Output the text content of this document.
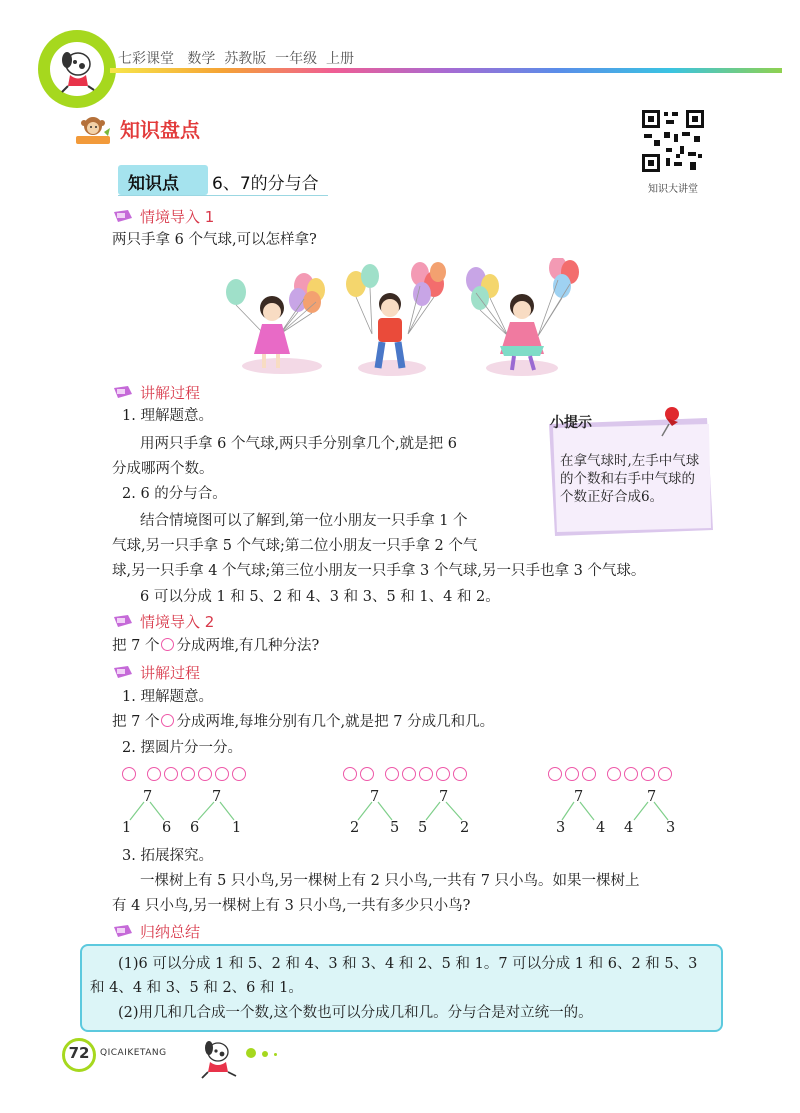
七彩课堂 数学  苏教版  一年级  上册
知识盘点
知识大讲堂
知识点 6、7的分与合
情境导入 1
两只手拿 6 个气球,可以怎样拿?
讲解过程
1. 理解题意。
用两只手拿 6 个气球,两只手分别拿几个,就是把 6
分成哪两个数。
2. 6 的分与合。
结合情境图可以了解到,第一位小朋友一只手拿 1 个
气球,另一只手拿 5 个气球;第二位小朋友一只手拿 2 个气
球,另一只手拿 4 个气球;第三位小朋友一只手拿 3 个气球,另一只手也拿 3 个气球。
6 可以分成 1 和 5、2 和 4、3 和 3、5 和 1、4 和 2。
小提示
在拿气球时,左手中气球的个数和右手中气球的个数正好合成6。
情境导入 2
把 7 个 分成两堆,有几种分法?
讲解过程
1. 理解题意。
把 7 个 分成两堆,每堆分别有几个,就是把 7 分成几和几。
2. 摆圆片分一分。
7	7	7	7	7	7
1 6 6 1	2 5 5 2	3 4 4 3
3. 拓展探究。
一棵树上有 5 只小鸟,另一棵树上有 2 只小鸟,一共有 7 只小鸟。如果一棵树上
有 4 只小鸟,另一棵树上有 3 只小鸟,一共有多少只小鸟?
归纳总结
(1)6 可以分成 1 和 5、2 和 4、3 和 3、4 和 2、5 和 1。7 可以分成 1 和 6、2 和 5、3
和 4、4 和 3、5 和 2、6 和 1。
(2)用几和几合成一个数,这个数也可以分成几和几。分与合是对立统一的。
72	QICAIKETANG
